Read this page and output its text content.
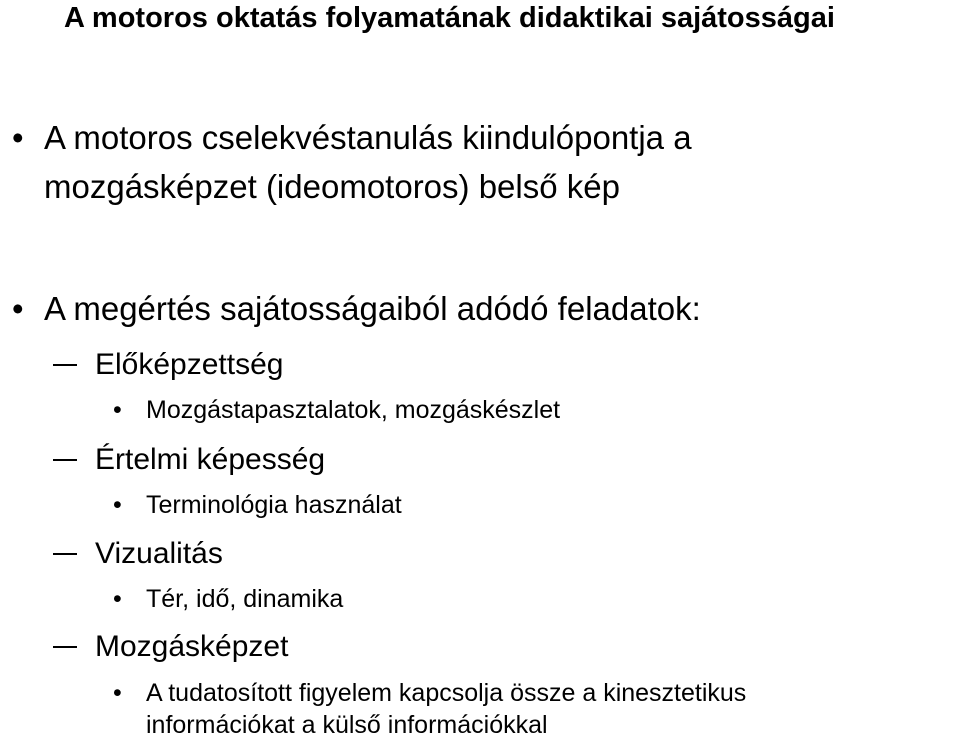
A motoros oktatás folyamatának didaktikai sajátosságai
• A motoros cselekvéstanulás kiindulópontja a
mozgásképzet (ideomotoros) belső kép
• A megértés sajátosságaiból adódó feladatok:
Előképzettség
• Mozgástapasztalatok, mozgáskészlet
Értelmi képesség
• Terminológia használat
Vizualitás
• Tér, idő, dinamika
Mozgásképzet
• A tudatosított figyelem kapcsolja össze a kinesztetikus
információkat a külső információkkal
